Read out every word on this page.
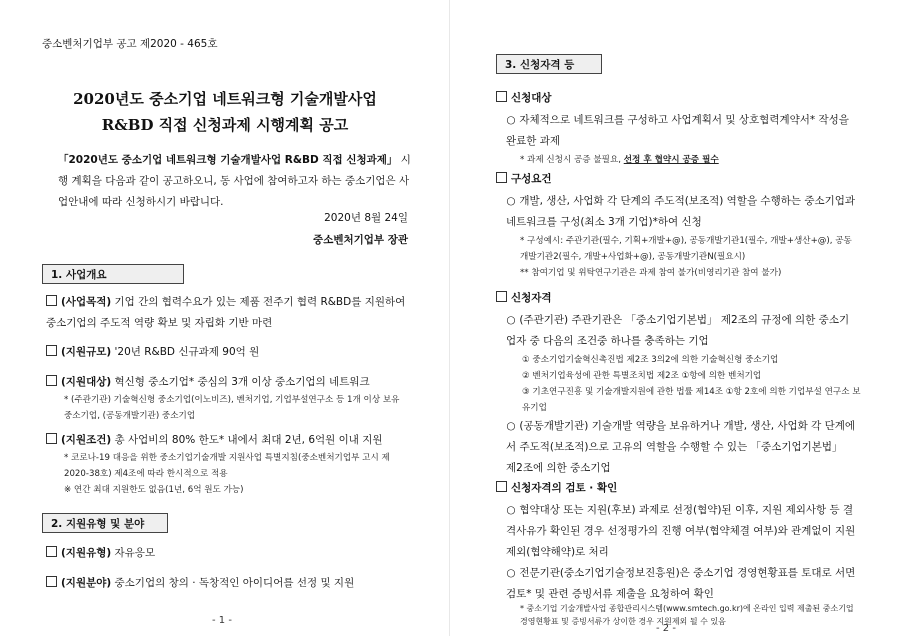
중소벤처기업부 공고 제2020 - 465호
2020년도 중소기업 네트워크형 기술개발사업
R&BD 직접 신청과제 시행계획 공고
「2020년도 중소기업 네트워크형 기술개발사업 R&BD 직접 신청과제」 시행 계획을 다음과 같이 공고하오니, 동 사업에 참여하고자 하는 중소기업은 사업안내에 따라 신청하시기 바랍니다.
2020년 8월 24일
중소벤처기업부 장관
1. 사업개요
(사업목적) 기업 간의 협력수요가 있는 제품 전주기 협력 R&BD를 지원하여 중소기업의 주도적 역량 확보 및 자립화 기반 마련
(지원규모) '20년 R&BD 신규과제 90억 원
(지원대상) 혁신형 중소기업* 중심의 3개 이상 중소기업의 네트워크
* (주관기관) 기술혁신형 중소기업(이노비즈), 벤처기업, 기업부설연구소 등 1개 이상 보유 중소기업, (공동개발기관) 중소기업
(지원조건) 총 사업비의 80% 한도* 내에서 최대 2년, 6억원 이내 지원
* 코로나-19 대응을 위한 중소기업기술개발 지원사업 특별지침(중소벤처기업부 고시 제2020-38호) 제4조에 따라 한시적으로 적용
※ 연간 최대 지원한도 없음(1년, 6억 원도 가능)
2. 지원유형 및 분야
(지원유형) 자유응모
(지원분야) 중소기업의 창의 · 독창적인 아이디어를 선정 및 지원
- 1 -
3. 신청자격 등
신청대상
○ 자체적으로 네트워크를 구성하고 사업계획서 및 상호협력계약서* 작성을 완료한 과제
* 과제 신청시 공증 불필요, 선정 후 협약시 공증 필수
구성요건
○ 개발, 생산, 사업화 각 단계의 주도적(보조적) 역할을 수행하는 중소기업과 네트워크를 구성(최소 3개 기업)*하여 신청
* 구성예시: 주관기관(필수, 기획+개발+@), 공동개발기관1(필수, 개발+생산+@), 공동개발기관2(필수, 개발+사업화+@), 공동개발기관N(필요시)
** 참여기업 및 위탁연구기관은 과제 참여 불가(비영리기관 참여 불가)
신청자격
○ (주관기관) 주관기관은 「중소기업기본법」 제2조의 규정에 의한 중소기업자 중 다음의 조건중 하나를 충족하는 기업
① 중소기업기술혁신촉진법 제2조 3의2에 의한 기술혁신형 중소기업
② 벤처기업육성에 관한 특별조치법 제2조 ①항에 의한 벤처기업
③ 기초연구진흥 및 기술개발지원에 관한 법률 제14조 ①항 2호에 의한 기업부설 연구소 보유기업
○ (공동개발기관) 기술개발 역량을 보유하거나 개발, 생산, 사업화 각 단계에서 주도적(보조적)으로 고유의 역할을 수행할 수 있는 「중소기업기본법」 제2조에 의한 중소기업
신청자격의 검토 · 확인
○ 협약대상 또는 지원(후보) 과제로 선정(협약)된 이후, 지원 제외사항 등 결격사유가 확인된 경우 선정평가의 진행 여부(협약체결 여부)와 관계없이 지원제외(협약해약)로 처리
○ 전문기관(중소기업기술정보진흥원)은 중소기업 경영현황표를 토대로 서면 검토* 및 관련 증빙서류 제출을 요청하여 확인
* 중소기업 기술개발사업 종합관리시스템(www.smtech.go.kr)에 온라인 입력 제출된 중소기업 경영현황표 및 증빙서류가 상이한 경우 지원제외 될 수 있음
- 2 -
